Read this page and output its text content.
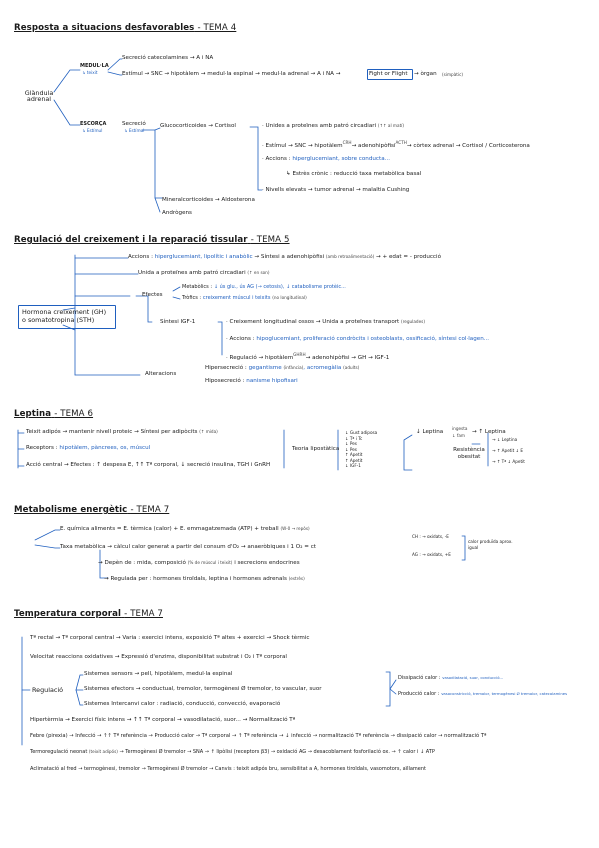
Resposta a situacions desfavorables - TEMA 4
Glàndula adrenal
MEDUL·LA
↳ teixit
Secreció catecolamines → A i NA
Estímul → SNC → hipotàlem → medul·la espinal → medul·la adrenal → A i NA →	Fight or Flight → òrgan (simpàtic)
ESCORÇA
↳ Estímul
Secreció
↳ Estímul
Glucocorticoides → Cortisol	· Unides a proteïnes amb patró circadiari (↑↑ al matí)
· Estímul → SNC → hipotàlem$^{CRH}$→ adenohipòfisi$^{ACTH}$→ còrtex adrenal → Cortisol / Corticosterona
· Accions : hiperglucemiant, sobre conducta...
↳ Estrès crònic : reducció taxa metabòlica basal
· Nivells elevats → tumor adrenal → malaltia Cushing
Mineralcorticoides → Aldosterona
Andrògens
Regulació del creixement i la reparació tissular - TEMA 5
Hormona creixement (GH) o somatotropina (STH)
Accions : hiperglucemiant, lipolític i anabòlic → Síntesi a adenohipòfisi (amb retroalimentació) → + edat = - producció
Unida a proteïnes amb patró circadiari (↑ en son)
Efectes
Metabòlics : ↓ ús glu., ús AG (→ cetosis), ↓ catabolisme protèic...
Tròfics : creixement múscul i teixits (no longitudinal)
Síntesi IGF-1	· Creixement longitudinal ossos → Unida a proteïnes transport (regulades)
· Accions : hipoglucemiant, proliferació condròcits i osteoblasts, ossificació, síntesi col·lagen...
· Regulació → hipotàlem$^{GHRH}$→ adenohipòfisi → GH → IGF-1
Alteracions
Hipersecreció : gegantisme (infància), acromegàlia (adults)
Hiposecreció : nanisme hipofisari
Leptina - TEMA 6
Teixit adipós → mantenir nivell proteic → Síntesi per adipòcits (↑ mida)
Receptors : hipotàlem, pàncrees, os, múscul
Acció central → Efectes : ↑ despesa E, ↑↑ Tª corporal, ↓ secreció insulina, TGH i GnRH
Teoria lipostàtica
↓ Gust adiposa
↓ Tª i Tc
↓ Pes
↓ Pes
↑ Apetit
↑ Apetit
↓ IGF-1
↓ Leptina
ingesta
↓ fam
→ ↑ Leptina
Resistència obesitat
→ ↓ Leptina
→ ↑ Apetit ↓ E
→ ↑ Tª ↓ Apetit
Metabolisme energètic - TEMA 7
E. química aliments = E. tèrmica (calor) + E. emmagatzemada (ATP) + treball (W-0 → repòs)
Taxa metabòlica → càlcul calor generat a partir del consum d'O₂ → anaeròbiques i 1 O₂ = ct
CH : → oxidats, -E
AG : → oxidats, +E
calor produïda aprox. igual
→ Depèn de : mida, composició (% de múscul i teixit) i secrecions endocrines
→ Regulada per : hormones tiroïdals, leptina i hormones adrenals (estrès)
Temperatura corporal - TEMA 7
Tª rectal → Tª corporal central → Varia : exercici intens, exposició Tª altes + exercici → Shock tèrmic
Velocitat reaccions oxidatives → Expressió d'enzims, disponibilitat substrat i O₂ i Tª corporal
Regulació
Sistemes sensors → pell, hipotàlem, medul·la espinal
Sistemes efectors → conductual, tremolor, termogènesi Ø tremolor, to vascular, suor
Sistemes Intercanvi calor : radiació, conducció, convecció, evaporació
Dissipació calor : vasodilatació, suor, conducció...
Producció calor : vasoconstricció, tremolor, termogènesi Ø tremolor, catecolamines
Hipertèrmia → Exercici físic intens → ↑↑ Tª corporal → vasodilatació, suor... → Normalització Tª
Febre (pirexia) → Infecció → ↑↑ Tª referència → Producció calor → Tª corporal → ↑ Tª referència → ↓ infecció → normalització Tª referència → dissipació calor → normalització Tª
Termoregulació neonat (teixit adipós) → Termogènesi Ø tremolor → SNA → ↑ lipòlisi (receptors β3) → oxidació AG → desacoblament fosforilació ox. → ↑ calor i ↓ ATP
Aclimatació al fred → termogènesi, tremolor → Termogènesi Ø tremolor → Canvis : teixit adipós bru, sensibilitat a A, hormones tiroïdals, vasomotors, aïllament
